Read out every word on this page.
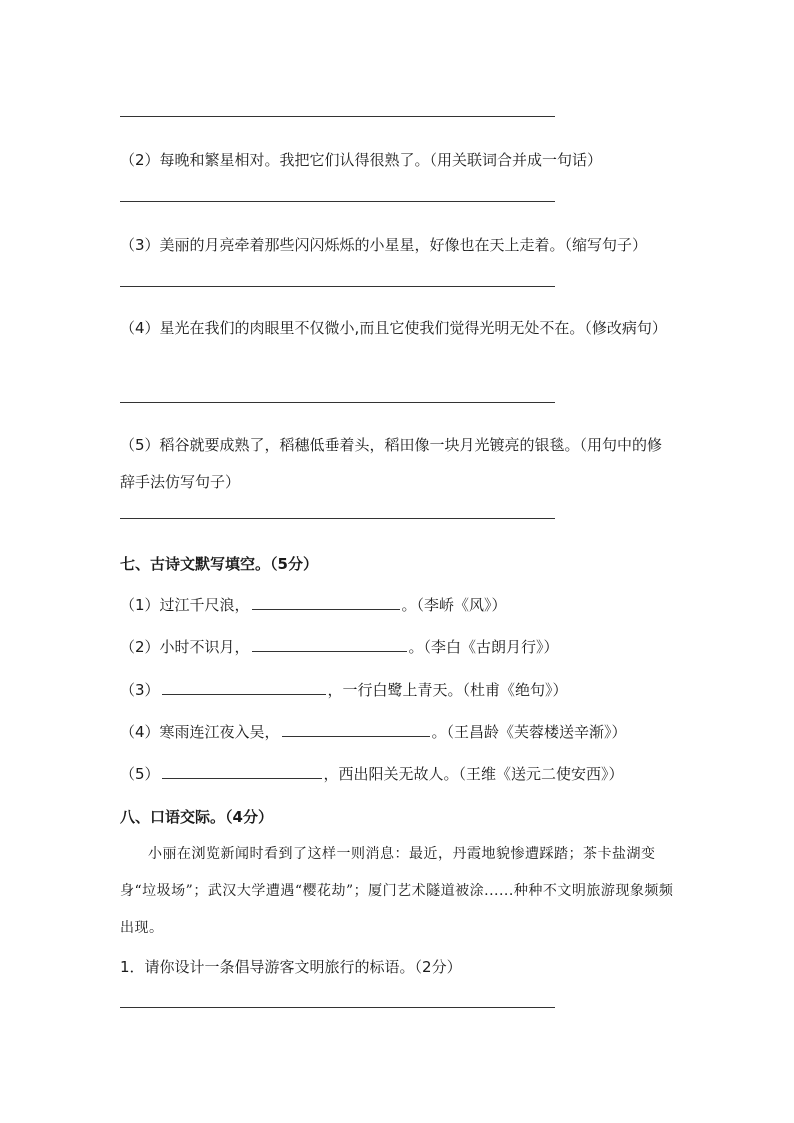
（2）每晚和繁星相对。我把它们认得很熟了。（用关联词合并成一句话）
（3）美丽的月亮牵着那些闪闪烁烁的小星星，好像也在天上走着。（缩写句子）
（4）星光在我们的肉眼里不仅微小,而且它使我们觉得光明无处不在。（修改病句）
（5）稻谷就要成熟了，稻穗低垂着头，稻田像一块月光镀亮的银毯。（用句中的修辞手法仿写句子）
七、古诗文默写填空。（5分）
（1）过江千尺浪，	。（李峤《风》）
（2）小时不识月，	。（李白《古朗月行》）
（3）	，一行白鹭上青天。（杜甫《绝句》）
（4）寒雨连江夜入吴，	。（王昌龄《芙蓉楼送辛渐》）
（5）	，西出阳关无故人。（王维《送元二使安西》）
八、口语交际。（4分）
小丽在浏览新闻时看到了这样一则消息：最近，丹霞地貌惨遭踩踏；茶卡盐湖变身“垃圾场”；武汉大学遭遇“樱花劫”；厦门艺术隧道被涂......种种不文明旅游现象频频出现。
1．请你设计一条倡导游客文明旅行的标语。（2分）
